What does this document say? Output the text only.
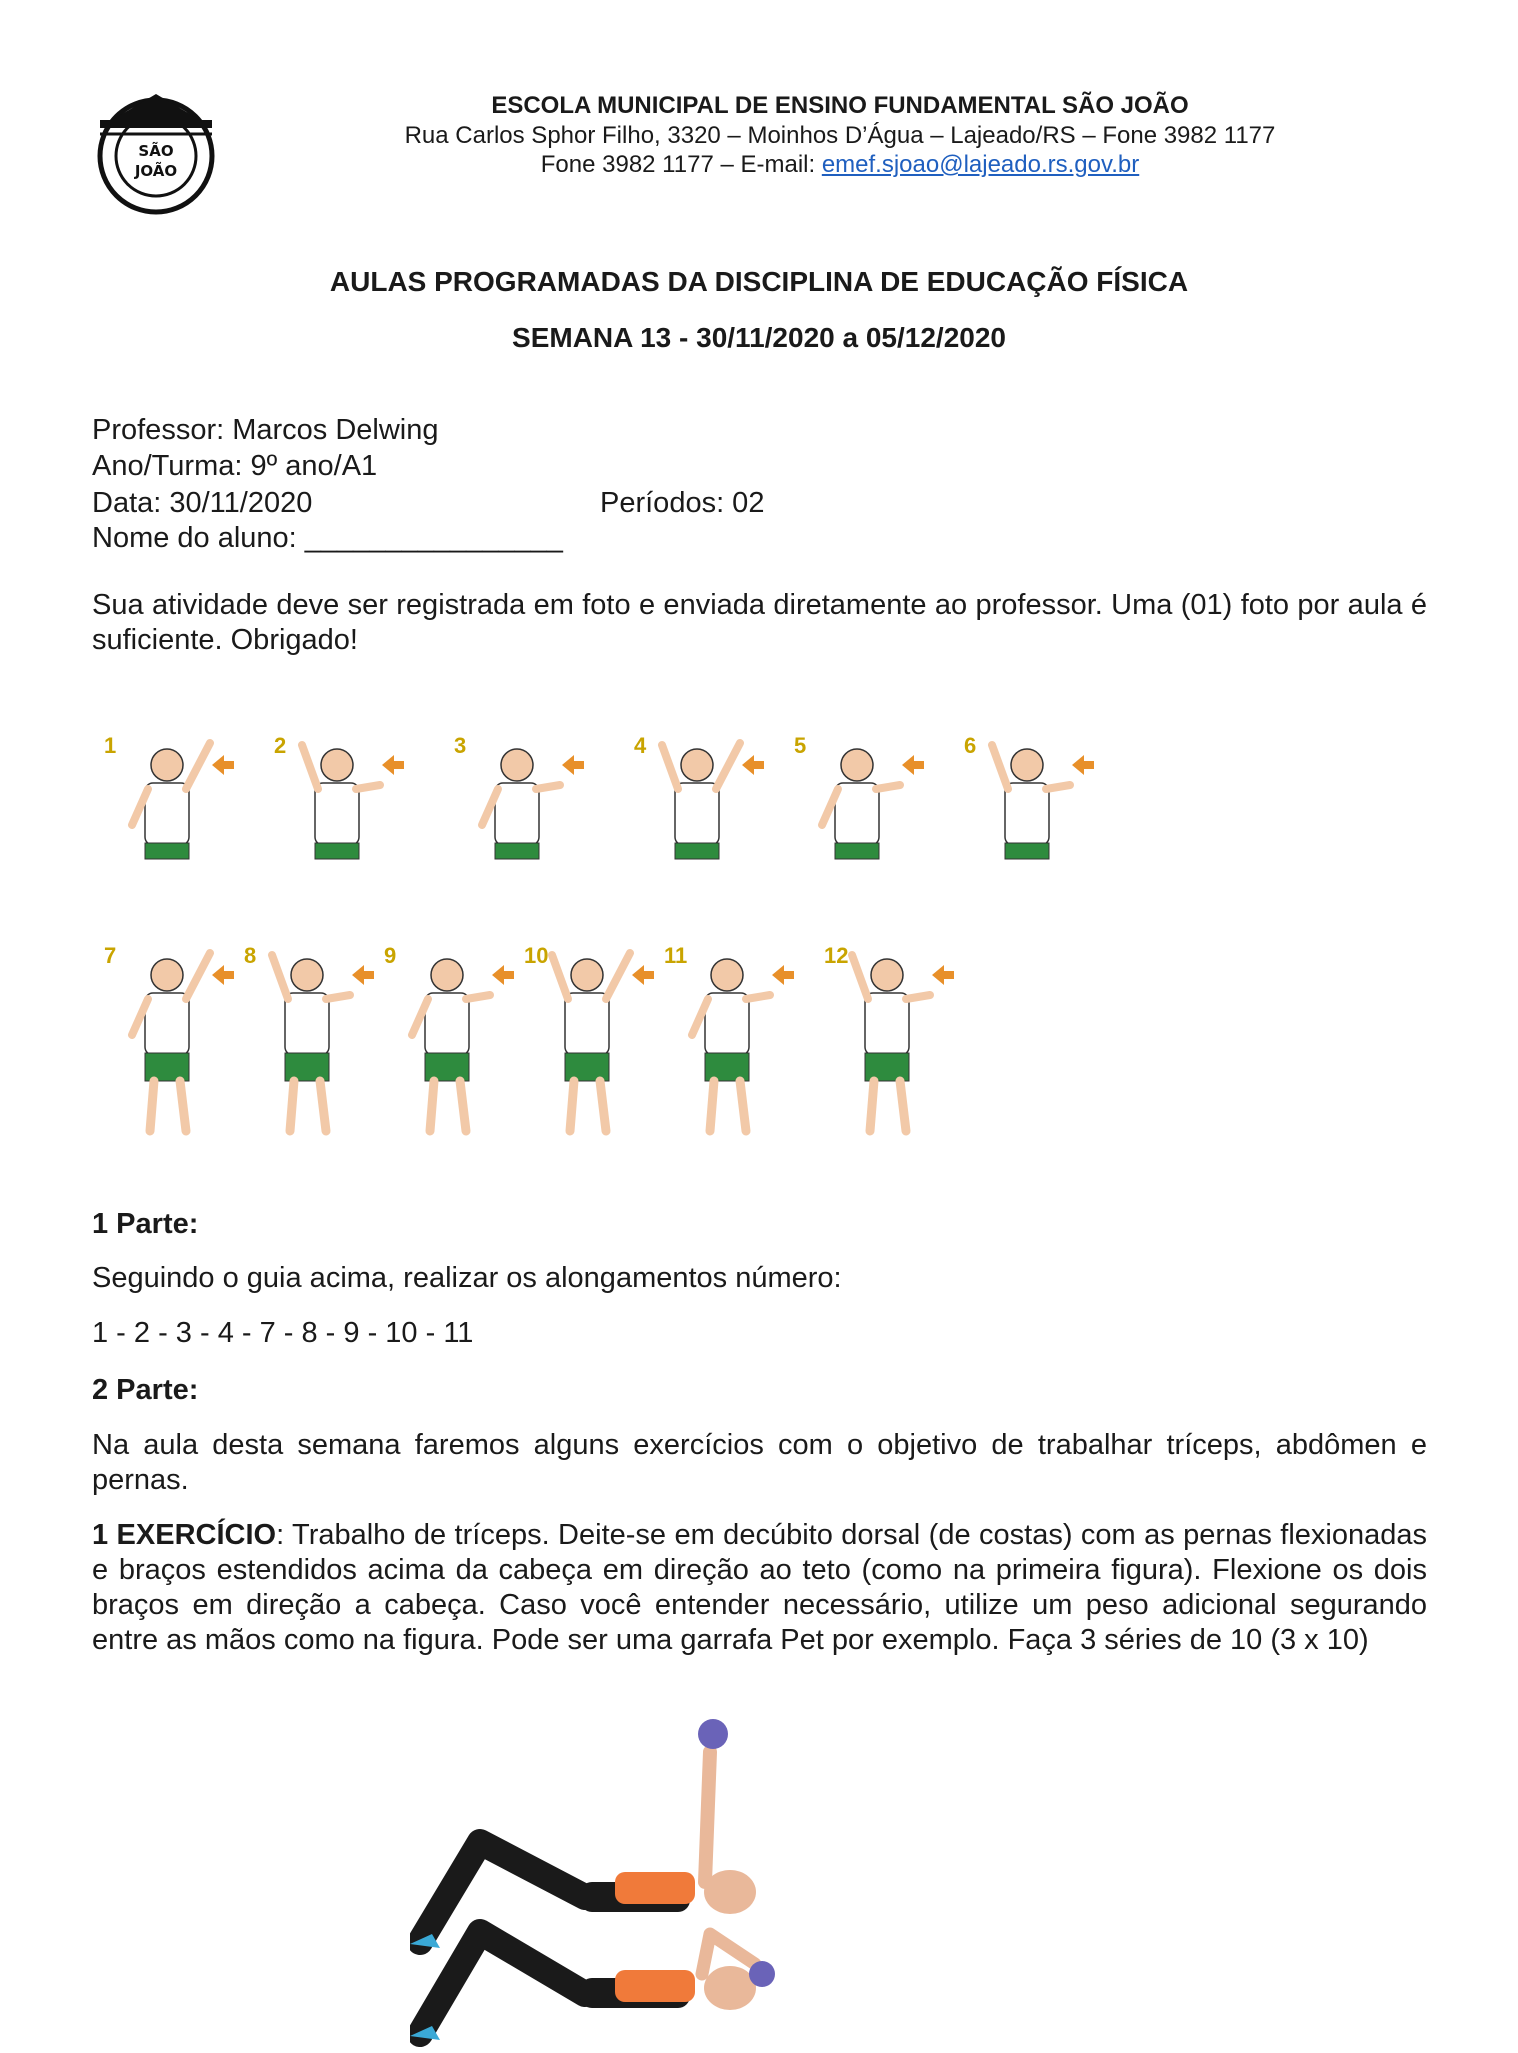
SÃO
JOÃO
ESCOLA MUNICIPAL DE ENSINO FUNDAMENTAL SÃO JOÃO
Rua Carlos Sphor Filho, 3320 – Moinhos D’Água – Lajeado/RS – Fone 3982 1177
Fone 3982 1177 – E-mail: emef.sjoao@lajeado.rs.gov.br
AULAS PROGRAMADAS DA DISCIPLINA DE EDUCAÇÃO FÍSICA
SEMANA 13 - 30/11/2020 a 05/12/2020
Professor: Marcos Delwing
Ano/Turma: 9º ano/A1
Data: 30/11/2020	Períodos: 02
Nome do aluno: ________________
Sua atividade deve ser registrada em foto e enviada diretamente ao professor. Uma (01) foto por aula é suficiente. Obrigado!
1	2	3	4	5	6
7	8	9	10	11	12
1 Parte:
Seguindo o guia acima, realizar os alongamentos número:
1 - 2 - 3 - 4 - 7 - 8 - 9 - 10 - 11
2 Parte:
Na aula desta semana faremos alguns exercícios com o objetivo de trabalhar tríceps, abdômen e pernas.
1 EXERCÍCIO: Trabalho de tríceps. Deite-se em decúbito dorsal (de costas) com as pernas flexionadas e braços estendidos acima da cabeça em direção ao teto (como na primeira figura). Flexione os dois braços em direção a cabeça. Caso você entender necessário, utilize um peso adicional segurando entre as mãos como na figura. Pode ser uma garrafa Pet por exemplo. Faça 3 séries de 10 (3 x 10)
